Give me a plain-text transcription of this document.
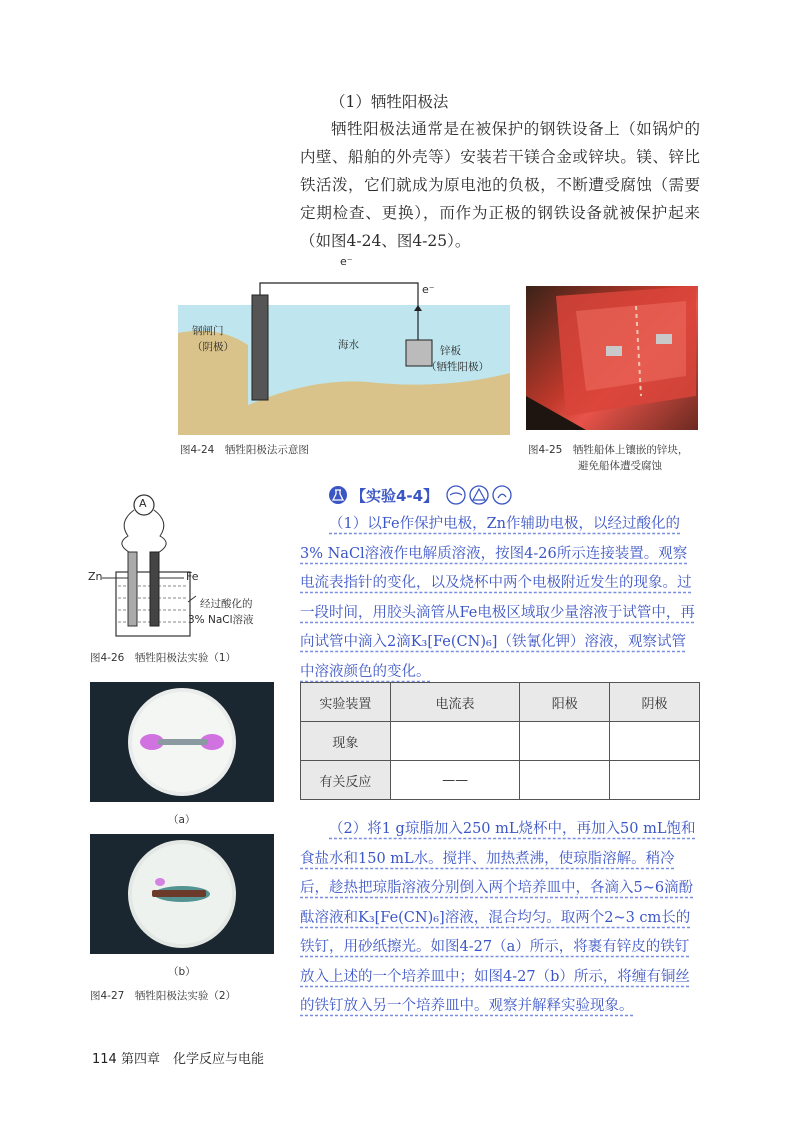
（1）牺牲阳极法

牺牲阳极法通常是在被保护的钢铁设备上（如锅炉的内壁、船舶的外壳等）安装若干镁合金或锌块。镁、锌比铁活泼，它们就成为原电池的负极，不断遭受腐蚀（需要定期检查、更换），而作为正极的钢铁设备就被保护起来（如图4-24、图4-25）。

e⁻
e⁻
钢闸门
（阴极）	海水	锌板
（牺牲阳极）
图4-24　牺牲阳极法示意图	图4-25　牺牲船体上镶嵌的锌块，
避免船体遭受腐蚀
A
Zn	Fe
经过酸化的
3% NaCl溶液
图4-26　牺牲阳极法实验（1）
（a）
（b）
图4-27　牺牲阳极法实验（2）
【实验4-4】

（1）以Fe作保护电极，Zn作辅助电极，以经过酸化的3% NaCl溶液作电解质溶液，按图4-26所示连接装置。观察电流表指针的变化，以及烧杯中两个电极附近发生的现象。过一段时间，用胶头滴管从Fe电极区域取少量溶液于试管中，再向试管中滴入2滴K₃[Fe(CN)₆]（铁氰化钾）溶液，观察试管中溶液颜色的变化。

实验装置	电流表	阳极	阴极
现象			
有关反应	——		

（2）将1 g琼脂加入250 mL烧杯中，再加入50 mL饱和食盐水和150 mL水。搅拌、加热煮沸，使琼脂溶解。稍冷后，趁热把琼脂溶液分别倒入两个培养皿中，各滴入5~6滴酚酞溶液和K₃[Fe(CN)₆]溶液，混合均匀。取两个2~3 cm长的铁钉，用砂纸擦光。如图4-27（a）所示，将裹有锌皮的铁钉放入上述的一个培养皿中；如图4-27（b）所示，将缠有铜丝的铁钉放入另一个培养皿中。观察并解释实验现象。

114 第四章　化学反应与电能
